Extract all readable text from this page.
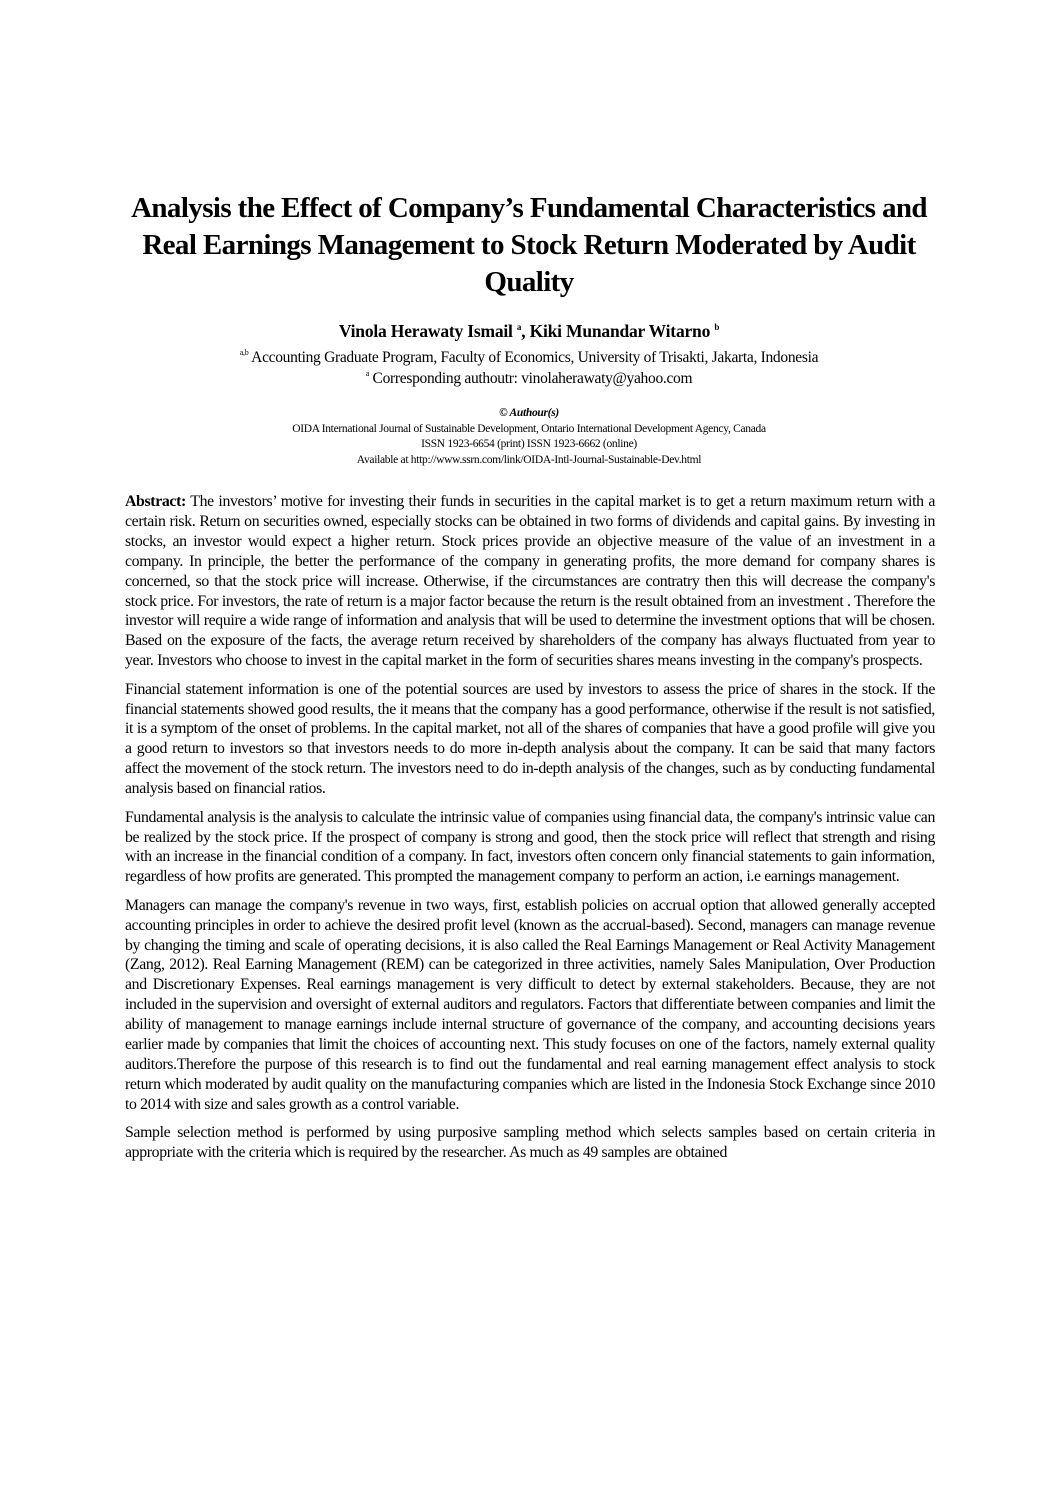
Analysis the Effect of Company’s Fundamental Characteristics and Real Earnings Management to Stock Return Moderated by Audit Quality
Vinola Herawaty Ismail $^a$, Kiki Munandar Witarno $^b$
$^{a,b}$ Accounting Graduate Program, Faculty of Economics, University of Trisakti, Jakarta, Indonesia
$^a$ Corresponding authoutr: vinolaherawaty@yahoo.com
© Authour(s)
OIDA International Journal of Sustainable Development, Ontario International Development Agency, Canada
ISSN 1923-6654 (print) ISSN 1923-6662 (online)
Available at http://www.ssrn.com/link/OIDA-Intl-Journal-Sustainable-Dev.html

Abstract: The investors’ motive for investing their funds in securities in the capital market is to get a return maximum return with a certain risk. Return on securities owned, especially stocks can be obtained in two forms of dividends and capital gains. By investing in stocks, an investor would expect a higher return. Stock prices provide an objective measure of the value of an investment in a company. In principle, the better the performance of the company in generating profits, the more demand for company shares is concerned, so that the stock price will increase. Otherwise, if the circumstances are contratry then this will decrease the company's stock price. For investors, the rate of return is a major factor because the return is the result obtained from an investment . Therefore the investor will require a wide range of information and analysis that will be used to determine the investment options that will be chosen. Based on the exposure of the facts, the average return received by shareholders of the company has always fluctuated from year to year. Investors who choose to invest in the capital market in the form of securities shares means investing in the company's prospects.

Financial statement information is one of the potential sources are used by investors to assess the price of shares in the stock. If the financial statements showed good results, the it means that the company has a good performance, otherwise if the result is not satisfied, it is a symptom of the onset of problems. In the capital market, not all of the shares of companies that have a good profile will give you a good return to investors so that investors needs to do more in-depth analysis about the company. It can be said that many factors affect the movement of the stock return. The investors need to do in-depth analysis of the changes, such as by conducting fundamental analysis based on financial ratios.

Fundamental analysis is the analysis to calculate the intrinsic value of companies using financial data, the company's intrinsic value can be realized by the stock price. If the prospect of company is strong and good, then the stock price will reflect that strength and rising with an increase in the financial condition of a company. In fact, investors often concern only financial statements to gain information, regardless of how profits are generated. This prompted the management company to perform an action, i.e earnings management.

Managers can manage the company's revenue in two ways, first, establish policies on accrual option that allowed generally accepted accounting principles in order to achieve the desired profit level (known as the accrual-based). Second, managers can manage revenue by changing the timing and scale of operating decisions, it is also called the Real Earnings Management or Real Activity Management (Zang, 2012). Real Earning Management (REM) can be categorized in three activities, namely Sales Manipulation, Over Production and Discretionary Expenses. Real earnings management is very difficult to detect by external stakeholders. Because, they are not included in the supervision and oversight of external auditors and regulators. Factors that differentiate between companies and limit the ability of management to manage earnings include internal structure of governance of the company, and accounting decisions years earlier made by companies that limit the choices of accounting next. This study focuses on one of the factors, namely external quality auditors.Therefore the purpose of this research is to find out the fundamental and real earning management effect analysis to stock return which moderated by audit quality on the manufacturing companies which are listed in the Indonesia Stock Exchange since 2010 to 2014 with size and sales growth as a control variable.

Sample selection method is performed by using purposive sampling method which selects samples based on certain criteria in appropriate with the criteria which is required by the researcher. As much as 49 samples are obtained
